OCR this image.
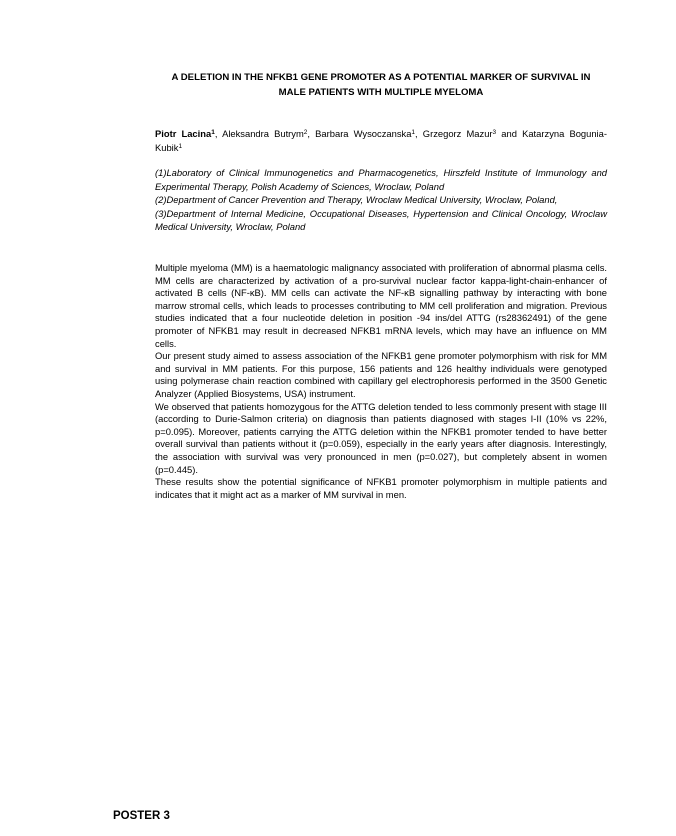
A DELETION IN THE NFKB1 GENE PROMOTER AS A POTENTIAL MARKER OF SURVIVAL IN
MALE PATIENTS WITH MULTIPLE MYELOMA
Piotr Lacina$^1$, Aleksandra Butrym$^2$, Barbara Wysoczanska$^1$, Grzegorz Mazur$^3$ and Katarzyna Bogunia-Kubik$^1$
(1)Laboratory of Clinical Immunogenetics and Pharmacogenetics, Hirszfeld Institute of Immunology and Experimental Therapy, Polish Academy of Sciences, Wroclaw, Poland
(2)Department of Cancer Prevention and Therapy, Wroclaw Medical University, Wroclaw, Poland,
(3)Department of Internal Medicine, Occupational Diseases, Hypertension and Clinical Oncology, Wroclaw Medical University, Wroclaw, Poland

Multiple myeloma (MM) is a haematologic malignancy associated with proliferation of abnormal plasma cells. MM cells are characterized by activation of a pro-survival nuclear factor kappa-light-chain-enhancer of activated B cells (NF-κB). MM cells can activate the NF-κB signalling pathway by interacting with bone marrow stromal cells, which leads to processes contributing to MM cell proliferation and migration. Previous studies indicated that a four nucleotide deletion in position -94 ins/del ATTG (rs28362491) of the gene promoter of NFKB1 may result in decreased NFKB1 mRNA levels, which may have an influence on MM cells.

Our present study aimed to assess association of the NFKB1 gene promoter polymorphism with risk for MM and survival in MM patients. For this purpose, 156 patients and 126 healthy individuals were genotyped using polymerase chain reaction combined with capillary gel electrophoresis performed in the 3500 Genetic Analyzer (Applied Biosystems, USA) instrument.

We observed that patients homozygous for the ATTG deletion tended to less commonly present with stage III (according to Durie-Salmon criteria) on diagnosis than patients diagnosed with stages I-II (10% vs 22%, p=0.095). Moreover, patients carrying the ATTG deletion within the NFKB1 promoter tended to have better overall survival than patients without it (p=0.059), especially in the early years after diagnosis. Interestingly, the association with survival was very pronounced in men (p=0.027), but completely absent in women (p=0.445).

These results show the potential significance of NFKB1 promoter polymorphism in multiple patients and indicates that it might act as a marker of MM survival in men.

POSTER 3
